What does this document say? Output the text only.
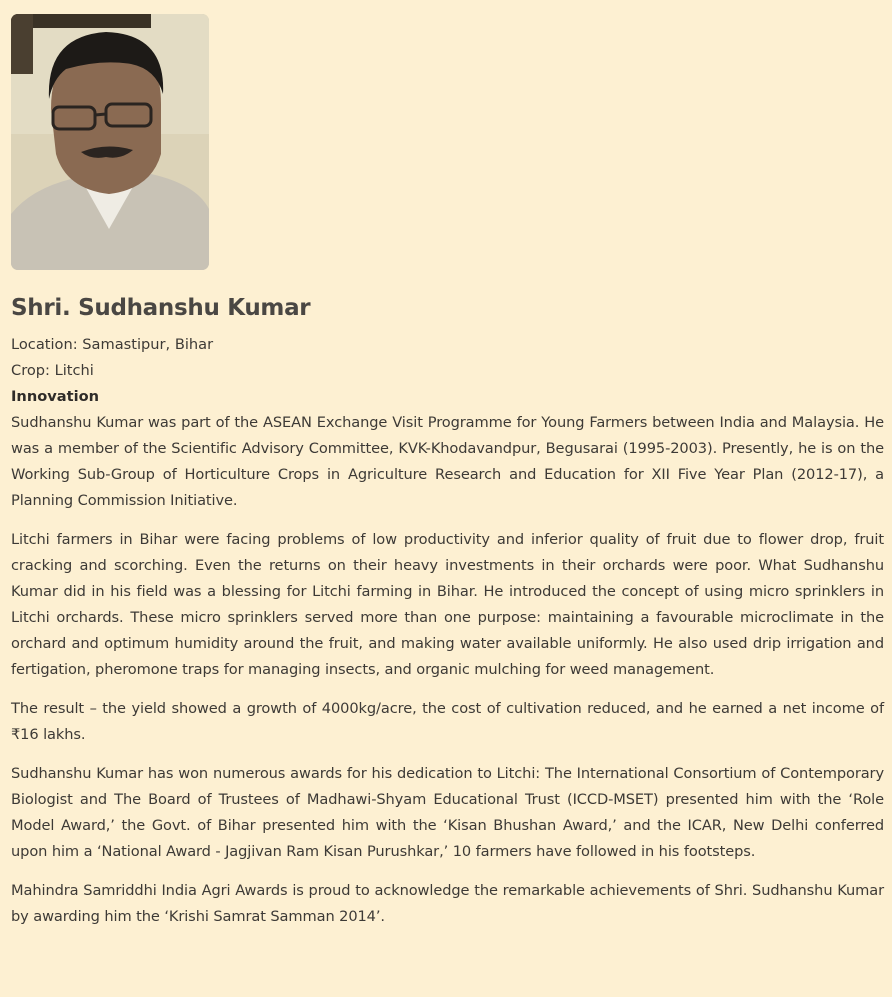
Shri. Sudhanshu Kumar
Location: Samastipur, Bihar
Crop: Litchi
Innovation

Sudhanshu Kumar was part of the ASEAN Exchange Visit Programme for Young Farmers between India and Malaysia. He was a member of the Scientific Advisory Committee, KVK-Khodavandpur, Begusarai (1995-2003). Presently, he is on the Working Sub-Group of Horticulture Crops in Agriculture Research and Education for XII Five Year Plan (2012-17), a Planning Commission Initiative.

Litchi farmers in Bihar were facing problems of low productivity and inferior quality of fruit due to flower drop, fruit cracking and scorching. Even the returns on their heavy investments in their orchards were poor. What Sudhanshu Kumar did in his field was a blessing for Litchi farming in Bihar. He introduced the concept of using micro sprinklers in Litchi orchards. These micro sprinklers served more than one purpose: maintaining a favourable microclimate in the orchard and optimum humidity around the fruit, and making water available uniformly. He also used drip irrigation and fertigation, pheromone traps for managing insects, and organic mulching for weed management.

The result – the yield showed a growth of 4000kg/acre, the cost of cultivation reduced, and he earned a net income of ₹16 lakhs.

Sudhanshu Kumar has won numerous awards for his dedication to Litchi: The International Consortium of Contemporary Biologist and The Board of Trustees of Madhawi-Shyam Educational Trust (ICCD-MSET) presented him with the ‘Role Model Award,’ the Govt. of Bihar presented him with the ‘Kisan Bhushan Award,’ and the ICAR, New Delhi conferred upon him a ‘National Award - Jagjivan Ram Kisan Purushkar,’ 10 farmers have followed in his footsteps.

Mahindra Samriddhi India Agri Awards is proud to acknowledge the remarkable achievements of Shri. Sudhanshu Kumar by awarding him the ‘Krishi Samrat Samman 2014’.
